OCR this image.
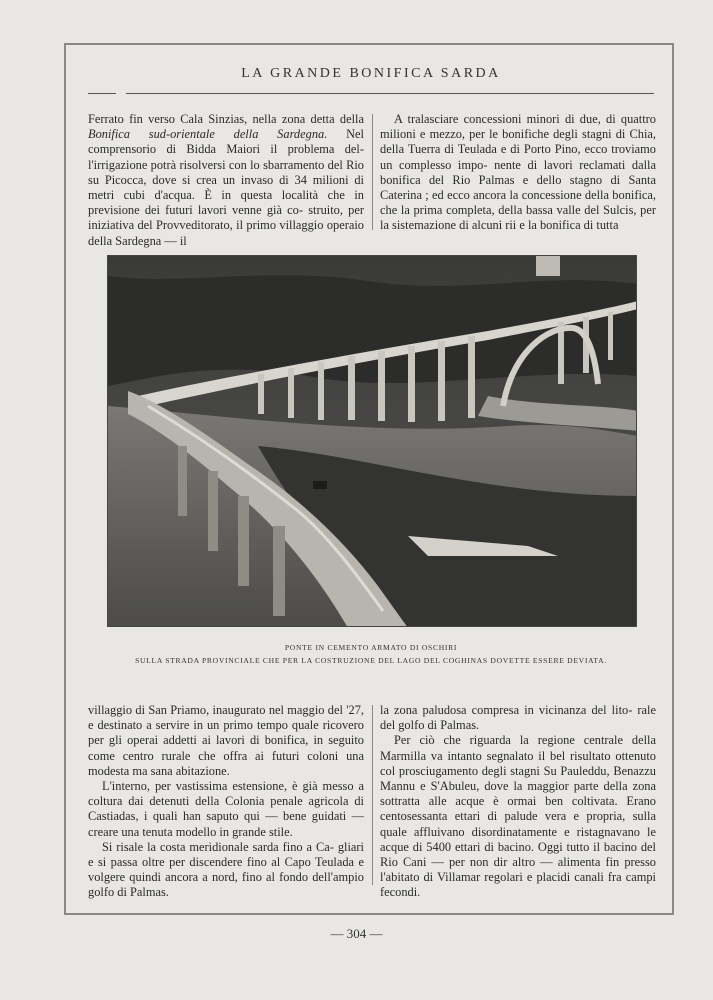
LA GRANDE BONIFICA SARDA

Ferrato fin verso Cala Sinzias, nella zona detta della Bonifica sud-orientale della Sardegna. Nel comprensorio di Bidda Maiori il problema del- l'irrigazione potrà risolversi con lo sbarramento del Rio su Picocca, dove si crea un invaso di 34 milioni di metri cubi d'acqua. È in questa località che in previsione dei futuri lavori venne già co- struito, per iniziativa del Provveditorato, il primo villaggio operaio della Sardegna — il

A tralasciare concessioni minori di due, di quattro milioni e mezzo, per le bonifiche degli stagni di Chia, della Tuerra di Teulada e di Porto Pino, ecco troviamo un complesso impo- nente di lavori reclamati dalla bonifica del Rio Palmas e dello stagno di Santa Caterina ; ed ecco ancora la concessione della bonifica, che la prima completa, della bassa valle del Sulcis, per la sistemazione di alcuni rii e la bonifica di tutta

PONTE IN CEMENTO ARMATO DI OSCHIRI
SULLA STRADA PROVINCIALE CHE PER LA COSTRUZIONE DEL LAGO DEL COGHINAS DOVETTE ESSERE DEVIATA.

villaggio di San Priamo, inaugurato nel maggio del '27, e destinato a servire in un primo tempo quale ricovero per gli operai addetti ai lavori di bonifica, in seguito come centro rurale che offra ai futuri coloni una modesta ma sana abitazione.

L'interno, per vastissima estensione, è già messo a coltura dai detenuti della Colonia penale agricola di Castiadas, i quali han saputo qui — bene guidati — creare una tenuta modello in grande stile.

Si risale la costa meridionale sarda fino a Ca- gliari e si passa oltre per discendere fino al Capo Teulada e volgere quindi ancora a nord, fino al fondo dell'ampio golfo di Palmas.

la zona paludosa compresa in vicinanza del lito- rale del golfo di Palmas.

Per ciò che riguarda la regione centrale della Marmilla va intanto segnalato il bel risultato ottenuto col prosciugamento degli stagni Su Pauleddu, Benazzu Mannu e S'Abuleu, dove la maggior parte della zona sottratta alle acque è ormai ben coltivata. Erano centosessanta ettari di palude vera e propria, sulla quale affluivano disordinatamente e ristagnavano le acque di 5400 ettari di bacino. Oggi tutto il bacino del Rio Cani — per non dir altro — alimenta fin presso l'abitato di Villamar regolari e placidi canali fra campi fecondi.

— 304 —
